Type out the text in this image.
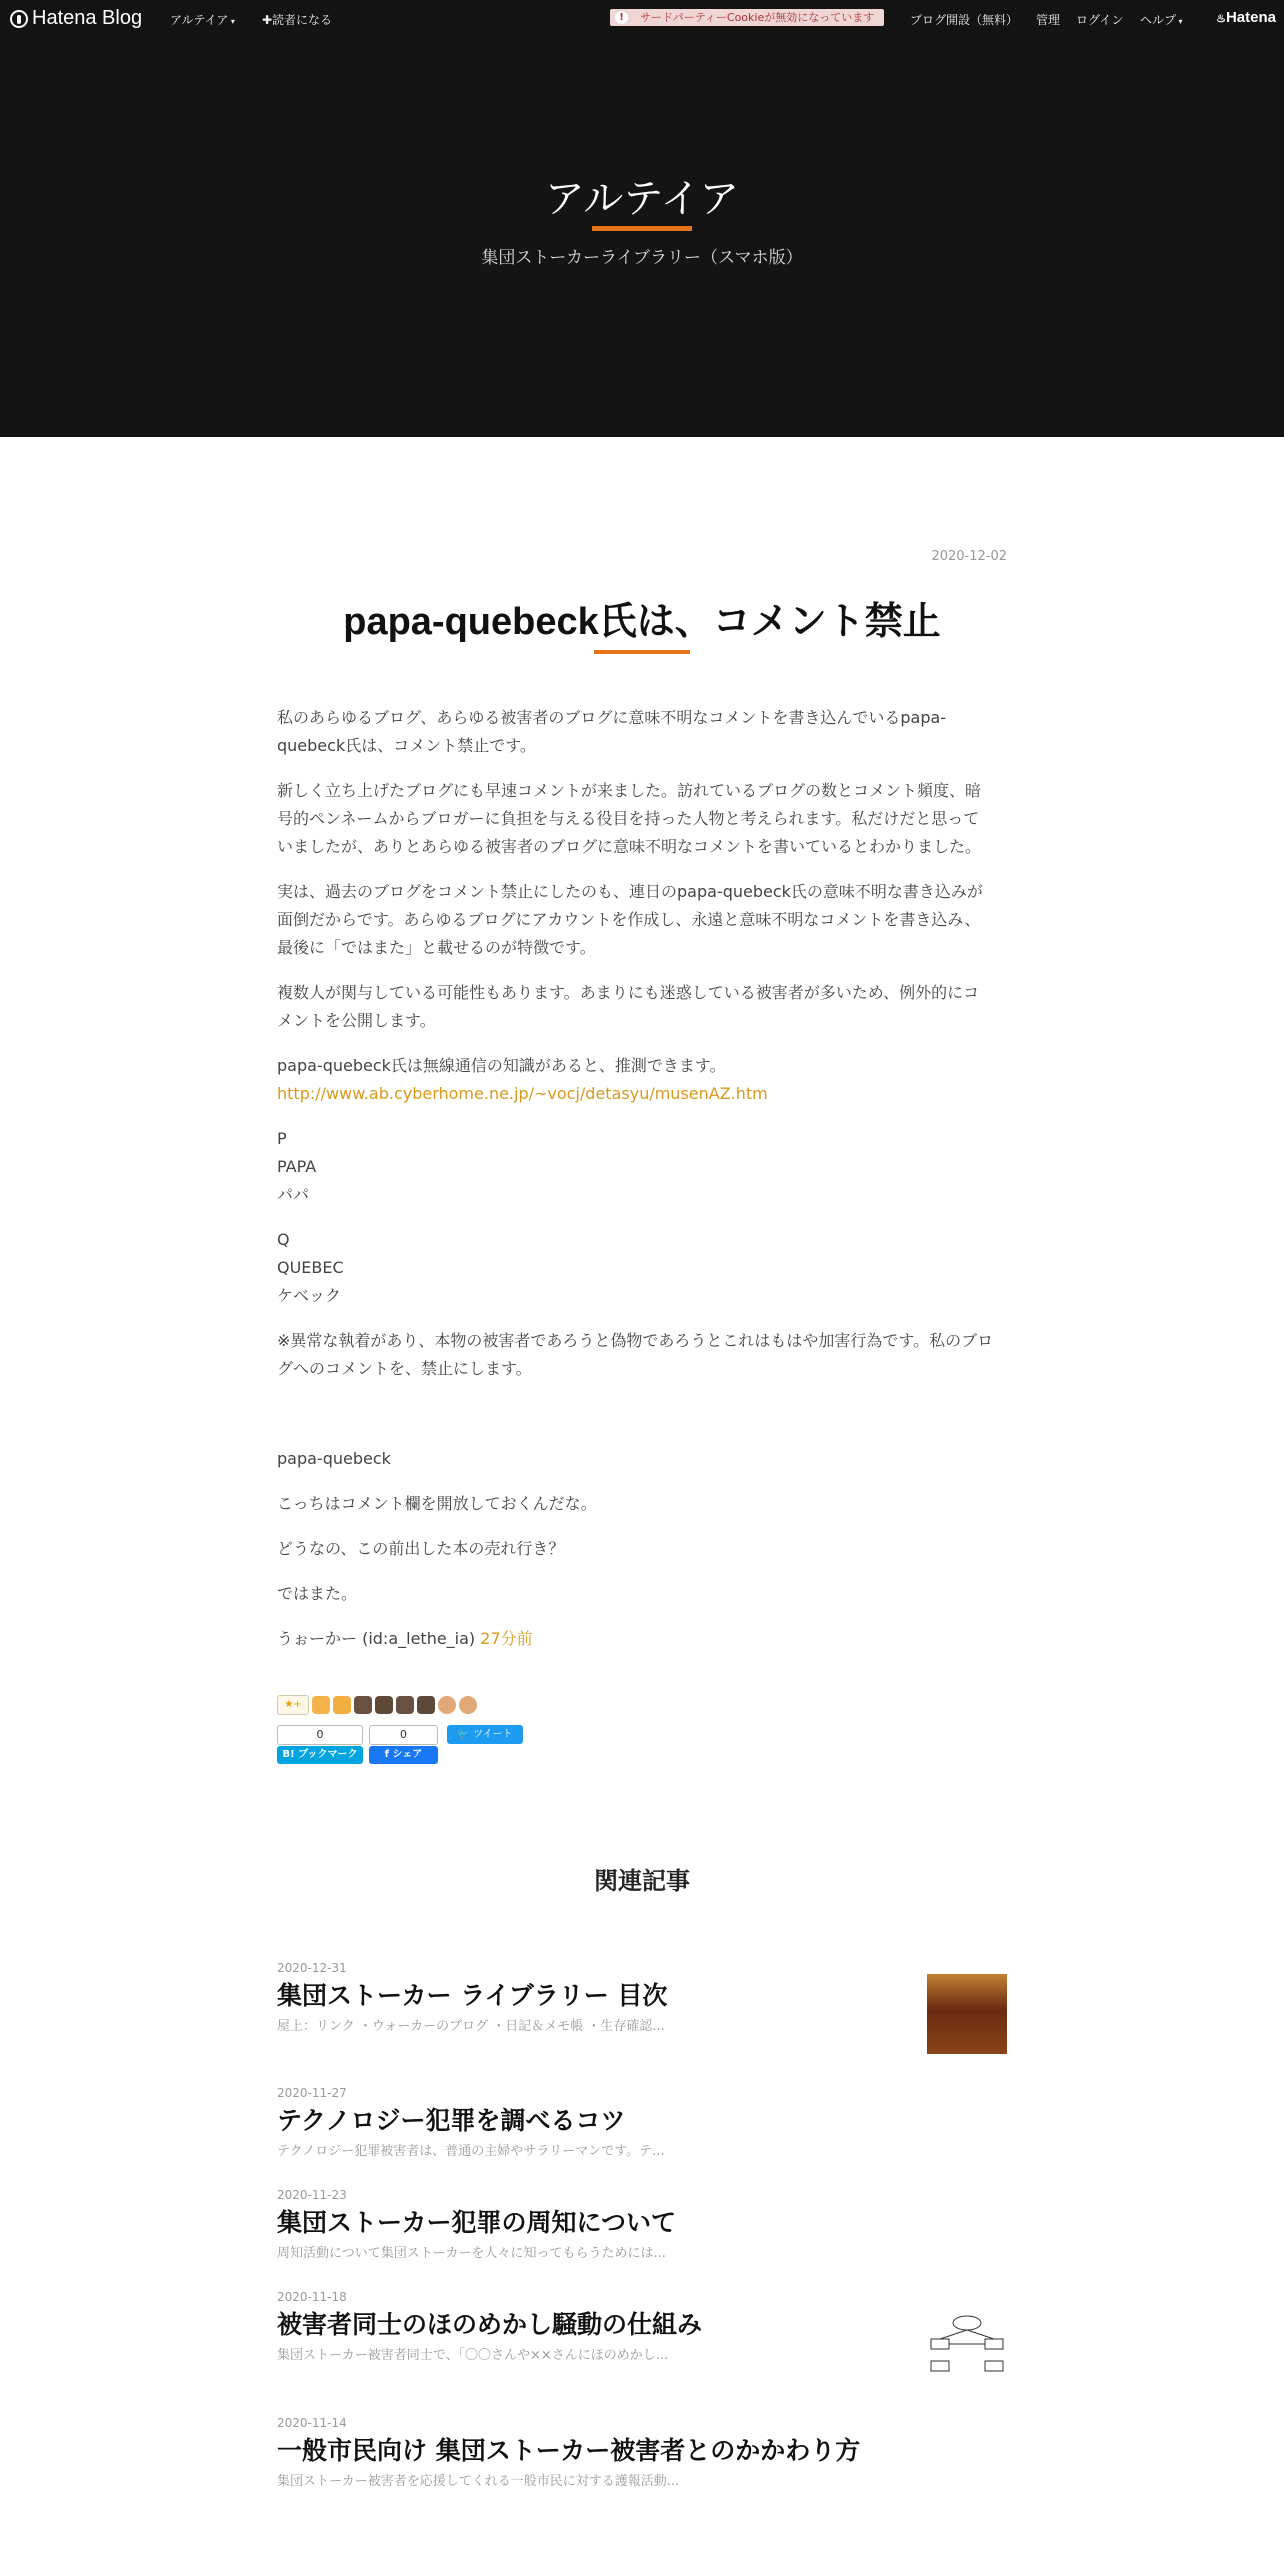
Hatena Blog アルテイア ▾ ✚読者になる	!	サードパーティーCookieが無効になっています	ブログ開設（無料） 管理 ログイン ヘルプ ▾	♨Hatena
アルテイア
集団ストーカーライブラリー（スマホ版）
2020-12-02
papa-quebeck氏は、コメント禁止

私のあらゆるブログ、あらゆる被害者のブログに意味不明なコメントを書き込んでいるpapa-quebeck氏は、コメント禁止です。

新しく立ち上げたブログにも早速コメントが来ました。訪れているブログの数とコメント頻度、暗号的ペンネームからブロガーに負担を与える役目を持った人物と考えられます。私だけだと思っていましたが、ありとあらゆる被害者のブログに意味不明なコメントを書いているとわかりました。

実は、過去のブログをコメント禁止にしたのも、連日のpapa-quebeck氏の意味不明な書き込みが面倒だからです。あらゆるブログにアカウントを作成し、永遠と意味不明なコメントを書き込み、最後に「ではまた」と載せるのが特徴です。

複数人が関与している可能性もあります。あまりにも迷惑している被害者が多いため、例外的にコメントを公開します。

papa-quebeck氏は無線通信の知識があると、推測できます。
http://www.ab.cyberhome.ne.jp/~vocj/detasyu/musenAZ.htm

P
PAPA
パパ

Q
QUEBEC
ケベック

※異常な執着があり、本物の被害者であろうと偽物であろうとこれはもはや加害行為です。私のブログへのコメントを、禁止にします。

papa-quebeck

こっちはコメント欄を開放しておくんだな。

どうなの、この前出した本の売れ行き？

ではまた。

うぉーかー (id:a_lethe_ia) 27分前

★+
0
B! ブックマーク
0
f シェア
🐦 ツイート
関連記事
2020-12-31
集団ストーカー ライブラリー 目次
屋上：リンク ・ウォーカーのブログ ・日記＆メモ帳 ・生存確認...
2020-11-27
テクノロジー犯罪を調べるコツ
テクノロジー犯罪被害者は、普通の主婦やサラリーマンです。テ...
2020-11-23
集団ストーカー犯罪の周知について
周知活動について集団ストーカーを人々に知ってもらうためには...
2020-11-18
被害者同士のほのめかし騒動の仕組み
集団ストーカー被害者同士で、「〇〇さんや××さんにほのめかし...
2020-11-14
一般市民向け 集団ストーカー被害者とのかかわり方
集団ストーカー被害者を応援してくれる一般市民に対する護報活動...
